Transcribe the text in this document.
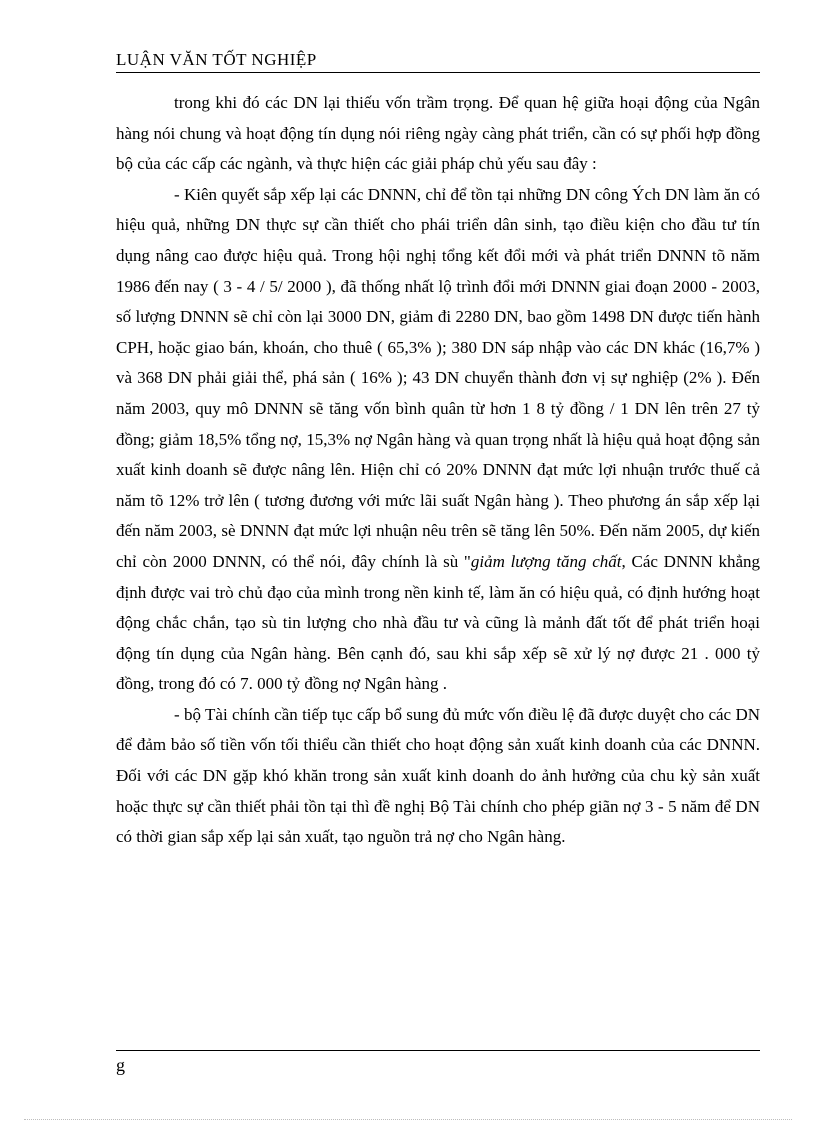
LUẬN VĂN TỐT NGHIỆP

trong khi đó các DN lại thiếu vốn trầm trọng. Để quan hệ giữa hoại động của Ngân hàng nói chung và hoạt động tín dụng nói riêng ngày càng phát triển, cần có sự phối hợp đồng bộ của các cấp các ngành, và thực hiện các giải pháp chủ yếu sau đây :

- Kiên quyết sắp xếp lại các DNNN, chỉ để tồn tại những DN công Ých DN làm ăn có hiệu quả, những DN thực sự cần thiết cho phái triển dân sinh, tạo điều kiện cho đầu tư tín dụng nâng cao được hiệu quả. Trong hội nghị tổng kết đổi mới và phát triển DNNN tõ năm 1986 đến nay ( 3 - 4 / 5/ 2000 ), đã thống nhất lộ trình đổi mới DNNN giai đoạn 2000 - 2003, số lượng DNNN sẽ chỉ còn lại 3000 DN, giảm đi 2280 DN, bao gồm 1498 DN được tiến hành CPH, hoặc giao bán, khoán, cho thuê ( 65,3% ); 380 DN sáp nhập vào các DN khác (16,7% ) và 368 DN phải giải thể, phá sản ( 16% ); 43 DN chuyển thành đơn vị sự nghiệp (2% ). Đến năm 2003, quy mô DNNN sẽ tăng vốn bình quân từ hơn 1 8 tỷ đồng / 1 DN lên trên 27 tỷ đồng; giảm 18,5% tổng nợ, 15,3% nợ Ngân hàng và quan trọng nhất là hiệu quả hoạt động sản xuất kinh doanh sẽ được nâng lên. Hiện chỉ có 20% DNNN đạt mức lợi nhuận trước thuế cả năm tõ 12% trở lên ( tương đương với mức lãi suất Ngân hàng ). Theo phương án sắp xếp lại đến năm 2003, sè DNNN đạt mức lợi nhuận nêu trên sẽ tăng lên 50%. Đến năm 2005, dự kiến chỉ còn 2000 DNNN, có thể nói, đây chính là sù "giảm lượng tăng chất, Các DNNN khẳng định được vai trò chủ đạo của mình trong nền kinh tế, làm ăn có hiệu quả, có định hướng hoạt động chắc chắn, tạo sù tin lượng cho nhà đầu tư và cũng là mảnh đất tốt để phát triển hoại động tín dụng của Ngân hàng. Bên cạnh đó, sau khi sắp xếp sẽ xử lý nợ được 21 . 000 tỷ đồng, trong đó có 7. 000 tỷ đồng nợ Ngân hàng .

- bộ Tài chính cần tiếp tục cấp bổ sung đủ mức vốn điều lệ đã được duyệt cho các DN để đảm bảo số tiền vốn tối thiểu cần thiết cho hoạt động sản xuất kinh doanh của các DNNN. Đối với các DN gặp khó khăn trong sản xuất kinh doanh do ảnh hưởng của chu kỳ sản xuất hoặc thực sự cần thiết phải tồn tại thì đề nghị Bộ Tài chính cho phép giãn nợ 3 - 5 năm để DN có thời gian sắp xếp lại sản xuất, tạo nguồn trả nợ cho Ngân hàng.

g
